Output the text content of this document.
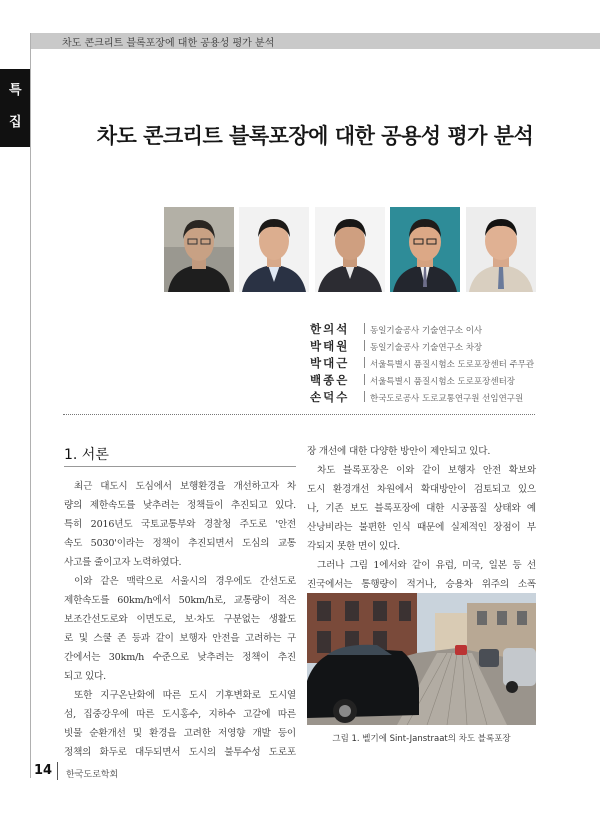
차도 콘크리트 블록포장에 대한 공용성 평가 분석
특
집
차도 콘크리트 블록포장에 대한 공용성 평가 분석
한의석 동일기술공사 기술연구소 이사
박태원 동일기술공사 기술연구소 차장
박대근 서울특별시 품질시험소 도로포장센터 주무관
백종은 서울특별시 품질시험소 도로포장센터장
손덕수 한국도로공사 도로교통연구원 선임연구원
1. 서론

최근 대도시 도심에서 보행환경을 개선하고자 차

량의 제한속도를 낮추려는 정책들이 추진되고 있다.

특히 2016년도 국토교통부와 경찰청 주도로 '안전

속도 5030'이라는 정책이 추진되면서 도심의 교통

사고를 줄이고자 노력하였다.

이와 같은 맥락으로 서울시의 경우에도 간선도로

제한속도를 60km/h에서 50km/h로, 교통량이 적은

보조간선도로와 이면도로, 보·차도 구분없는 생활도

로 및 스쿨 존 등과 같이 보행자 안전을 고려하는 구

간에서는 30km/h 수준으로 낮추려는 정책이 추진

되고 있다.

또한 지구온난화에 따른 도시 기후변화로 도시열

섬, 집중강우에 따른 도시홍수, 지하수 고갈에 따른

빗물 순환개선 및 환경을 고려한 저영향 개발 등이

정책의 화두로 대두되면서 도시의 불투수성 도로포

장 개선에 대한 다양한 방안이 제안되고 있다.

차도 블록포장은 이와 같이 보행자 안전 확보와

도시 환경개선 차원에서 확대방안이 검토되고 있으

나, 기존 보도 블록포장에 대한 시공품질 상태와 예

산낭비라는 불편한 인식 때문에 실제적인 장점이 부

각되지 못한 면이 있다.

그러나 그림 1에서와 같이 유럽, 미국, 일본 등 선

진국에서는 통행량이 적거나, 승용차 위주의 소폭

그림 1. 벨기에 Sint-Janstraat의 차도 블록포장
14 한국도로학회
